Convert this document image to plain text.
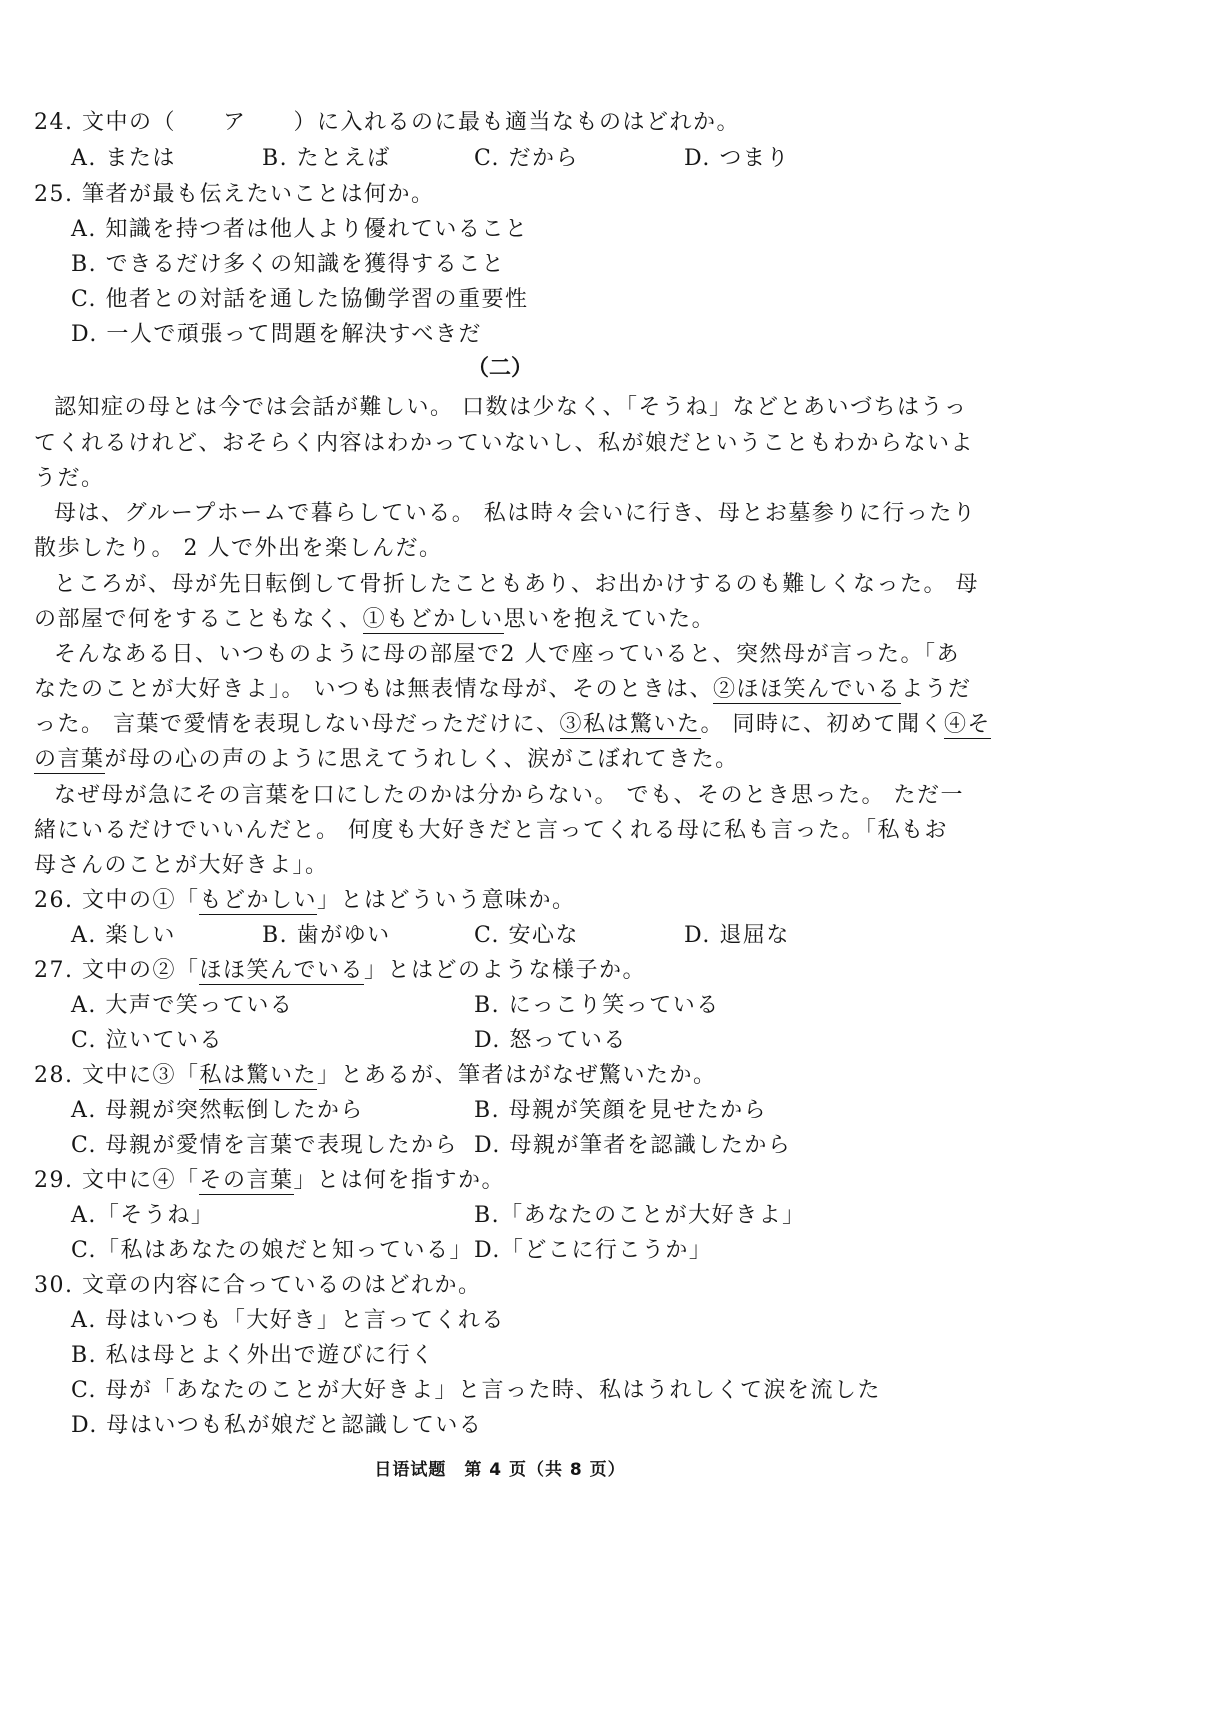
24. 文中の（　　ア　　）に入れるのに最も適当なものはどれか。
A. または	B. たとえば	C. だから	D. つまり
25. 筆者が最も伝えたいことは何か。
A. 知識を持つ者は他人より優れていること
B. できるだけ多くの知識を獲得すること
C. 他者との対話を通した協働学習の重要性
D. 一人で頑張って問題を解決すべきだ
（二）
認知症の母とは今では会話が難しい。 口数は少なく、「そうね」などとあいづちはうっ
てくれるけれど、おそらく内容はわかっていないし、私が娘だということもわからないよ
うだ。
母は、グループホームで暮らしている。 私は時々会いに行き、母とお墓参りに行ったり
散歩したり。 2 人で外出を楽しんだ。
ところが、母が先日転倒して骨折したこともあり、お出かけするのも難しくなった。 母
の部屋で何をすることもなく、①もどかしい思いを抱えていた。
そんなある日、いつものように母の部屋で2 人で座っていると、突然母が言った。「あ
なたのことが大好きよ」。 いつもは無表情な母が、そのときは、②ほほ笑んでいるようだ
った。 言葉で愛情を表現しない母だっただけに、③私は驚いた。 同時に、初めて聞く④そ
の言葉が母の心の声のように思えてうれしく、涙がこぼれてきた。
なぜ母が急にその言葉を口にしたのかは分からない。 でも、そのとき思った。 ただ一
緒にいるだけでいいんだと。 何度も大好きだと言ってくれる母に私も言った。「私もお
母さんのことが大好きよ」。
26. 文中の①「もどかしい」とはどういう意味か。
A. 楽しい	B. 歯がゆい	C. 安心な	D. 退屈な
27. 文中の②「ほほ笑んでいる」とはどのような様子か。
A. 大声で笑っている	B. にっこり笑っている
C. 泣いている	D. 怒っている
28. 文中に③「私は驚いた」とあるが、筆者はがなぜ驚いたか。
A. 母親が突然転倒したから	B. 母親が笑顔を見せたから
C. 母親が愛情を言葉で表現したから D. 母親が筆者を認識したから
29. 文中に④「その言葉」とは何を指すか。
A.「そうね」	B.「あなたのことが大好きよ」
C.「私はあなたの娘だと知っている」 D.「どこに行こうか」
30. 文章の内容に合っているのはどれか。
A. 母はいつも「大好き」と言ってくれる
B. 私は母とよく外出で遊びに行く
C. 母が「あなたのことが大好きよ」と言った時、私はうれしくて涙を流した
D. 母はいつも私が娘だと認識している
日语试题　第 4 页（共 8 页）
